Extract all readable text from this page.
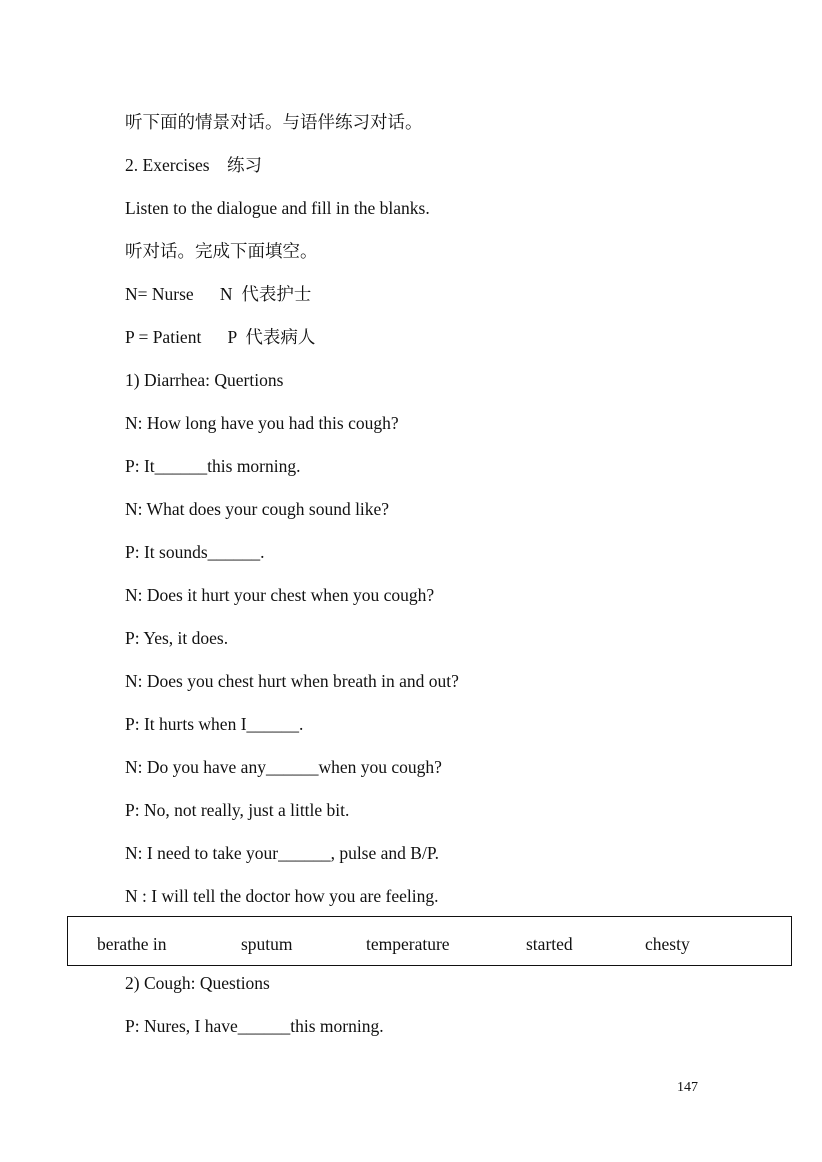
听下面的情景对话。与语伴练习对话。
2. Exercises　练习
Listen to the dialogue and fill in the blanks.
听对话。完成下面填空。
N= Nurse      N  代表护士
P = Patient      P  代表病人
1) Diarrhea: Quertions
N: How long have you had this cough?
P: It______this morning.
N: What does your cough sound like?
P: It sounds______.
N: Does it hurt your chest when you cough?
P: Yes, it does.
N: Does you chest hurt when breath in and out?
P: It hurts when I______.
N: Do you have any______when you cough?
P: No, not really, just a little bit.
N: I need to take your______, pulse and B/P.
N : I will tell the doctor how you are feeling.
berathe in	sputum	temperature	started	chesty
2) Cough: Questions
P: Nures, I have______this morning.
147
